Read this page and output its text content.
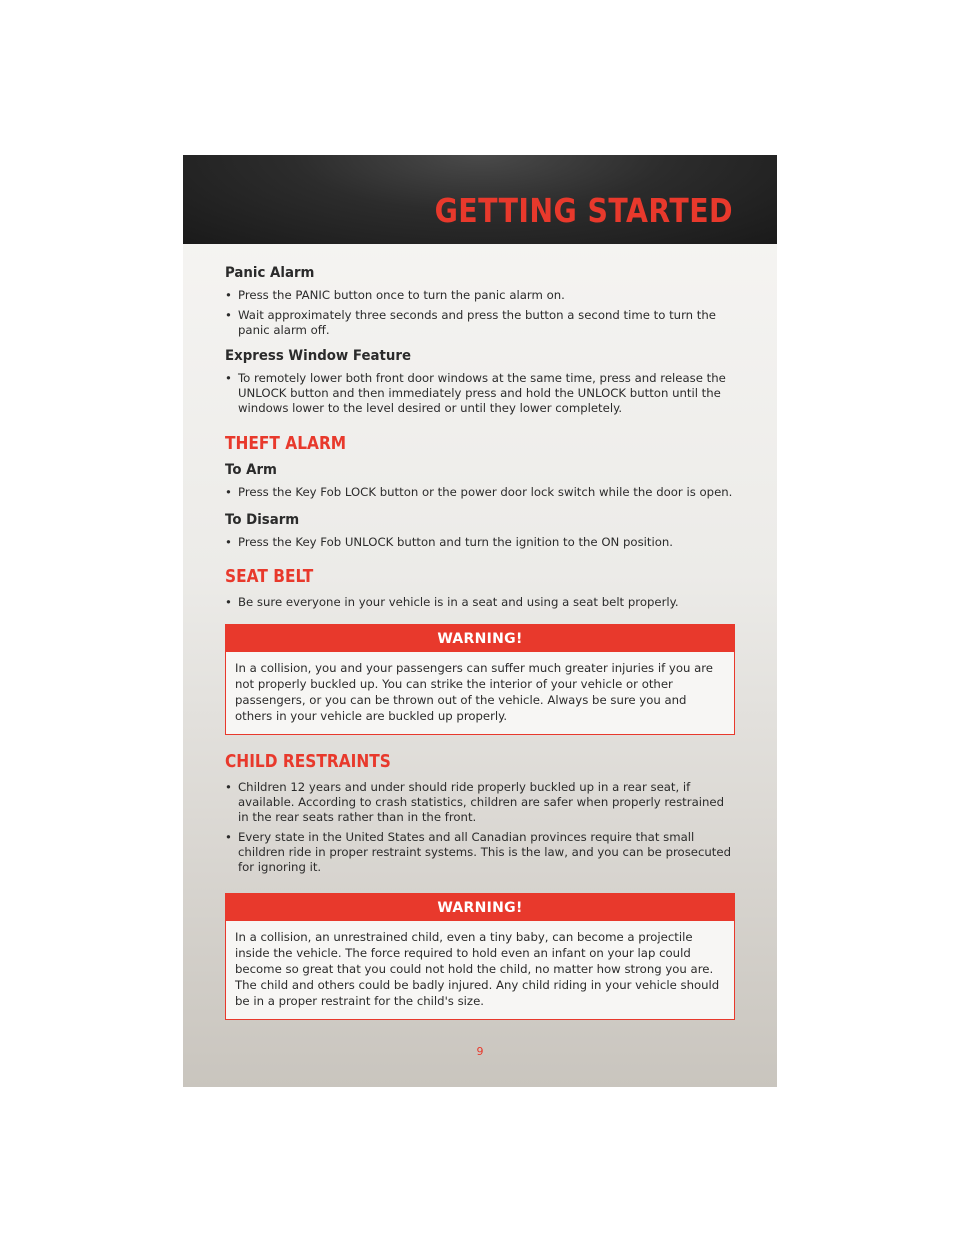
GETTING STARTED
Panic Alarm
• Press the PANIC button once to turn the panic alarm on.
• Wait approximately three seconds and press the button a second time to turn the panic alarm off.
Express Window Feature
• To remotely lower both front door windows at the same time, press and release the UNLOCK button and then immediately press and hold the UNLOCK button until the windows lower to the level desired or until they lower completely.
THEFT ALARM
To Arm
• Press the Key Fob LOCK button or the power door lock switch while the door is open.
To Disarm
• Press the Key Fob UNLOCK button and turn the ignition to the ON position.
SEAT BELT
• Be sure everyone in your vehicle is in a seat and using a seat belt properly.
WARNING!
In a collision, you and your passengers can suffer much greater injuries if you are not properly buckled up. You can strike the interior of your vehicle or other passengers, or you can be thrown out of the vehicle. Always be sure you and others in your vehicle are buckled up properly.
CHILD RESTRAINTS
• Children 12 years and under should ride properly buckled up in a rear seat, if available. According to crash statistics, children are safer when properly restrained in the rear seats rather than in the front.
• Every state in the United States and all Canadian provinces require that small children ride in proper restraint systems. This is the law, and you can be prosecuted for ignoring it.
WARNING!
In a collision, an unrestrained child, even a tiny baby, can become a projectile inside the vehicle. The force required to hold even an infant on your lap could become so great that you could not hold the child, no matter how strong you are. The child and others could be badly injured. Any child riding in your vehicle should be in a proper restraint for the child's size.
9
